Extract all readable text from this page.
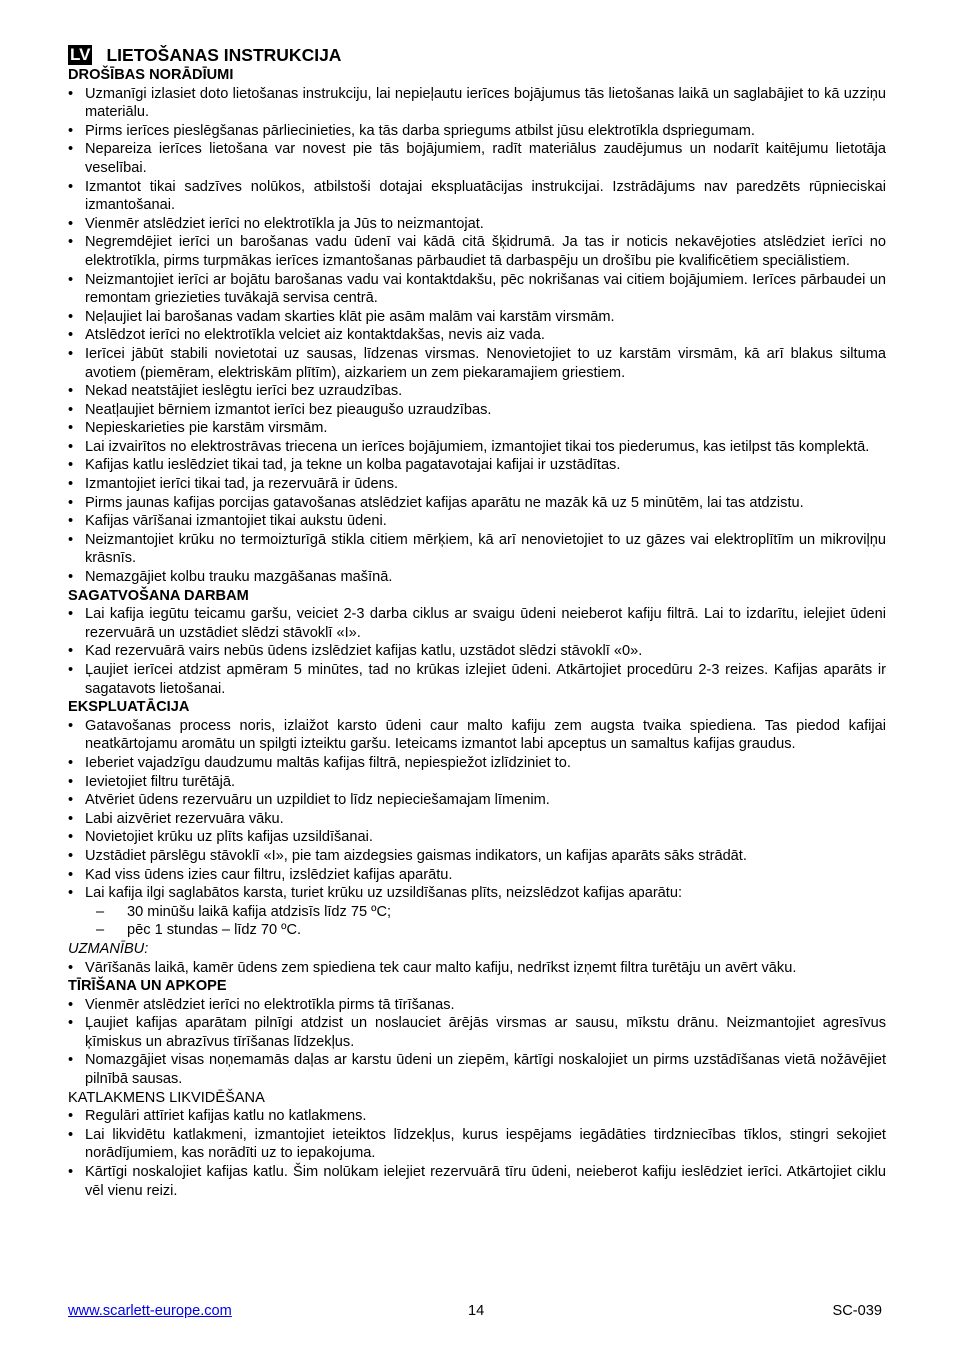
LV LIETOŠANAS INSTRUKCIJA
DROŠĪBAS NORĀDĪUMI
• Uzmanīgi izlasiet doto lietošanas instrukciju, lai nepieļautu ierīces bojājumus tās lietošanas laikā un saglabājiet to kā uzziņu materiālu.
• Pirms ierīces pieslēgšanas pārliecinieties, ka tās darba spriegums atbilst jūsu elektrotīkla dspriegumam.
• Nepareiza ierīces lietošana var novest pie tās bojājumiem, radīt materiālus zaudējumus un nodarīt kaitējumu lietotāja veselībai.
• Izmantot tikai sadzīves nolūkos, atbilstoši dotajai ekspluatācijas instrukcijai. Izstrādājums nav paredzēts rūpnieciskai izmantošanai.
• Vienmēr atslēdziet ierīci no elektrotīkla ja Jūs to neizmantojat.
• Negremdējiet ierīci un barošanas vadu ūdenī vai kādā citā šķidrumā. Ja tas ir noticis nekavējoties atslēdziet ierīci no elektrotīkla, pirms turpmākas ierīces izmantošanas pārbaudiet tā darbaspēju un drošību pie kvalificētiem speciālistiem.
• Neizmantojiet ierīci ar bojātu barošanas vadu vai kontaktdakšu, pēc nokrišanas vai citiem bojājumiem. Ierīces pārbaudei un remontam griezieties tuvākajā servisa centrā.
• Neļaujiet lai barošanas vadam skarties klāt pie asām malām vai karstām virsmām.
• Atslēdzot ierīci no elektrotīkla velciet aiz kontaktdakšas, nevis aiz vada.
• Ierīcei jābūt stabili novietotai uz sausas, līdzenas virsmas. Nenovietojiet to uz karstām virsmām, kā arī blakus siltuma avotiem (piemēram, elektriskām plītīm), aizkariem un zem piekaramajiem griestiem.
• Nekad neatstājiet ieslēgtu ierīci bez uzraudzības.
• Neatļaujiet bērniem izmantot ierīci bez pieaugušo uzraudzības.
• Nepieskarieties pie karstām virsmām.
• Lai izvairītos no elektrostrāvas triecena un ierīces bojājumiem, izmantojiet tikai tos piederumus, kas ietilpst tās komplektā.
• Kafijas katlu ieslēdziet tikai tad, ja tekne un kolba pagatavotajai kafijai ir uzstādītas.
• Izmantojiet ierīci tikai tad, ja rezervuārā ir ūdens.
• Pirms jaunas kafijas porcijas gatavošanas atslēdziet kafijas aparātu ne mazāk kā uz 5 minūtēm, lai tas atdzistu.
• Kafijas vārīšanai izmantojiet tikai aukstu ūdeni.
• Neizmantojiet krūku no termoizturīgā stikla citiem mērķiem, kā arī nenovietojiet to uz gāzes vai elektroplītīm un mikroviļņu krāsnīs.
• Nemazgājiet kolbu trauku mazgāšanas mašīnā.
SAGATVOŠANA DARBAM
• Lai kafija iegūtu teicamu garšu, veiciet 2-3 darba ciklus ar svaigu ūdeni neieberot kafiju filtrā. Lai to izdarītu, ielejiet ūdeni rezervuārā un uzstādiet slēdzi stāvoklī «I».
• Kad rezervuārā vairs nebūs ūdens izslēdziet kafijas katlu, uzstādot slēdzi stāvoklī «0».
• Ļaujiet ierīcei atdzist apmēram 5 minūtes, tad no krūkas izlejiet ūdeni. Atkārtojiet procedūru 2-3 reizes. Kafijas aparāts ir sagatavots lietošanai.
EKSPLUATĀCIJA
• Gatavošanas process noris, izlaižot karsto ūdeni caur malto kafiju zem augsta tvaika spiediena. Tas piedod kafijai neatkārtojamu aromātu un spilgti izteiktu garšu. Ieteicams izmantot labi apceptus un samaltus kafijas graudus.
• Ieberiet vajadzīgu daudzumu maltās kafijas filtrā, nepiespiežot izlīdziniet to.
• Ievietojiet filtru turētājā.
• Atvēriet ūdens rezervuāru un uzpildiet to līdz nepieciešamajam līmenim.
• Labi aizvēriet rezervuāra vāku.
• Novietojiet krūku uz plīts kafijas uzsildīšanai.
• Uzstādiet pārslēgu stāvoklī «I», pie tam aizdegsies gaismas indikators, un kafijas aparāts sāks strādāt.
• Kad viss ūdens izies caur filtru, izslēdziet kafijas aparātu.
• Lai kafija ilgi saglabātos karsta, turiet krūku uz uzsildīšanas plīts, neizslēdzot kafijas aparātu:
– 30 minūšu laikā kafija atdzisīs līdz 75 ºC;
– pēc 1 stundas – līdz 70 ºC.
UZMANĪBU:
• Vārīšanās laikā, kamēr ūdens zem spiediena tek caur malto kafiju, nedrīkst izņemt filtra turētāju un avērt vāku.
TĪRĪŠANA UN APKOPE
• Vienmēr atslēdziet ierīci no elektrotīkla pirms tā tīrīšanas.
• Ļaujiet kafijas aparātam pilnīgi atdzist un noslauciet ārējās virsmas ar sausu, mīkstu drānu. Neizmantojiet agresīvus ķīmiskus un abrazīvus tīrīšanas līdzekļus.
• Nomazgājiet visas noņemamās daļas ar karstu ūdeni un ziepēm, kārtīgi noskalojiet un pirms uzstādīšanas vietā nožāvējiet pilnībā sausas.
KATLAKMENS LIKVIDĒŠANA
• Regulāri attīriet kafijas katlu no katlakmens.
• Lai likvidētu katlakmeni, izmantojiet ieteiktos līdzekļus, kurus iespējams iegādāties tirdzniecības tīklos, stingri sekojiet norādījumiem, kas norādīti uz to iepakojuma.
• Kārtīgi noskalojiet kafijas katlu. Šim nolūkam ielejiet rezervuārā tīru ūdeni, neieberot kafiju ieslēdziet ierīci. Atkārtojiet ciklu vēl vienu reizi.
www.scarlett-europe.com	14	SC-039
